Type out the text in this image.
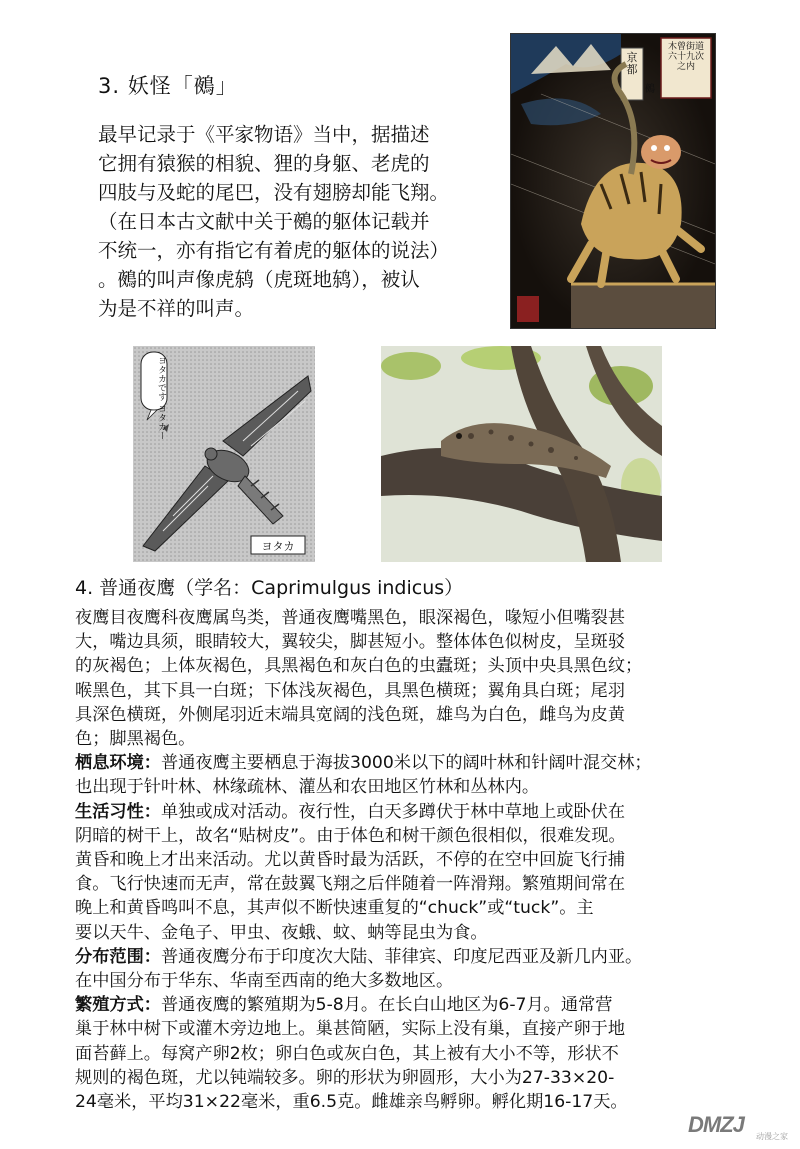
3. 妖怪「鵺」

最早记录于《平家物语》当中，据描述

它拥有猿猴的相貌、狸的身躯、老虎的

四肢与及蛇的尾巴，没有翅膀却能飞翔。

（在日本古文献中关于鵺的躯体记载并

不统一，亦有指它有着虎的躯体的说法）

。鵺的叫声像虎鸫（虎斑地鸫），被认

为是不祥的叫声。

木曾街道六十九次之内
京都
鵺
ヨタカです ヨタカー
ヨタカ
4. 普通夜鹰（学名：Caprimulgus indicus）

夜鹰目夜鹰科夜鹰属鸟类，普通夜鹰嘴黑色，眼深褐色，喙短小但嘴裂甚

大，嘴边具须，眼睛较大，翼较尖，脚甚短小。整体体色似树皮，呈斑驳

的灰褐色；上体灰褐色，具黑褐色和灰白色的虫蠹斑；头顶中央具黑色纹；

喉黑色，其下具一白斑；下体浅灰褐色，具黑色横斑；翼角具白斑；尾羽

具深色横斑，外侧尾羽近末端具宽阔的浅色斑，雄鸟为白色，雌鸟为皮黄

色；脚黑褐色。

栖息环境：普通夜鹰主要栖息于海拔3000米以下的阔叶林和针阔叶混交林；

也出现于针叶林、林缘疏林、灌丛和农田地区竹林和丛林内。

生活习性：单独或成对活动。夜行性，白天多蹲伏于林中草地上或卧伏在

阴暗的树干上，故名“贴树皮”。由于体色和树干颜色很相似，很难发现。

黄昏和晚上才出来活动。尤以黄昏时最为活跃，不停的在空中回旋飞行捕

食。飞行快速而无声，常在鼓翼飞翔之后伴随着一阵滑翔。繁殖期间常在

晚上和黄昏鸣叫不息，其声似不断快速重复的“chuck”或“tuck”。主

要以天牛、金龟子、甲虫、夜蛾、蚊、蚋等昆虫为食。

分布范围：普通夜鹰分布于印度次大陆、菲律宾、印度尼西亚及新几内亚。

在中国分布于华东、华南至西南的绝大多数地区。

繁殖方式：普通夜鹰的繁殖期为5-8月。在长白山地区为6-7月。通常营

巢于林中树下或灌木旁边地上。巢甚简陋，实际上没有巢，直接产卵于地

面苔藓上。每窝产卵2枚；卵白色或灰白色，其上被有大小不等，形状不

规则的褐色斑，尤以钝端较多。卵的形状为卵圆形，大小为27-33×20-

24毫米，平均31×22毫米，重6.5克。雌雄亲鸟孵卵。孵化期16-17天。

DMZJ 动漫之家
